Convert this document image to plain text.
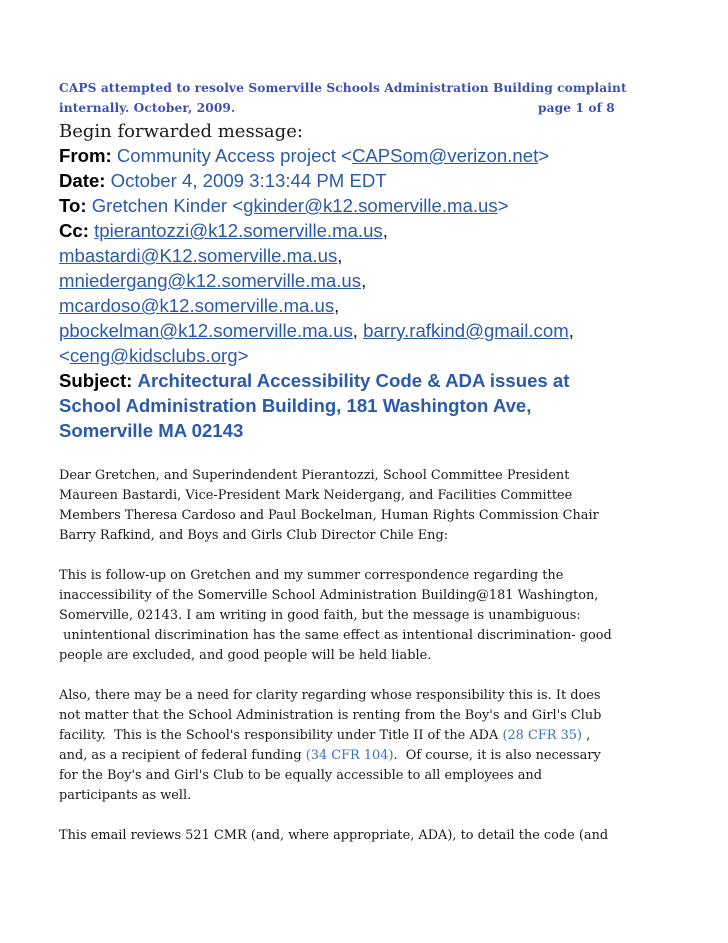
CAPS attempted to resolve Somerville Schools Administration Building complaint
internally. October, 2009.	page 1 of 8
Begin forwarded message:
From: Community Access project <CAPSom@verizon.net>
Date: October 4, 2009 3:13:44 PM EDT
To: Gretchen Kinder <gkinder@k12.somerville.ma.us>
Cc: tpierantozzi@k12.somerville.ma.us,
mbastardi@K12.somerville.ma.us,
mniedergang@k12.somerville.ma.us,
mcardoso@k12.somerville.ma.us,
pbockelman@k12.somerville.ma.us, barry.rafkind@gmail.com,
<ceng@kidsclubs.org>
Subject: Architectural Accessibility Code & ADA issues at
School Administration Building, 181 Washington Ave,
Somerville MA 02143
Dear Gretchen, and Superindendent Pierantozzi, School Committee President
Maureen Bastardi, Vice-President Mark Neidergang, and Facilities Committee
Members Theresa Cardoso and Paul Bockelman, Human Rights Commission Chair
Barry Rafkind, and Boys and Girls Club Director Chile Eng:
This is follow-up on Gretchen and my summer correspondence regarding the
inaccessibility of the Somerville School Administration Building@181 Washington,
Somerville, 02143. I am writing in good faith, but the message is unambiguous:
unintentional discrimination has the same effect as intentional discrimination- good
people are excluded, and good people will be held liable.
Also, there may be a need for clarity regarding whose responsibility this is. It does
not matter that the School Administration is renting from the Boy's and Girl's Club
facility.  This is the School's responsibility under Title II of the ADA (28 CFR 35) ,
and, as a recipient of federal funding (34 CFR 104).  Of course, it is also necessary
for the Boy's and Girl's Club to be equally accessible to all employees and
participants as well.
This email reviews 521 CMR (and, where appropriate, ADA), to detail the code (and
